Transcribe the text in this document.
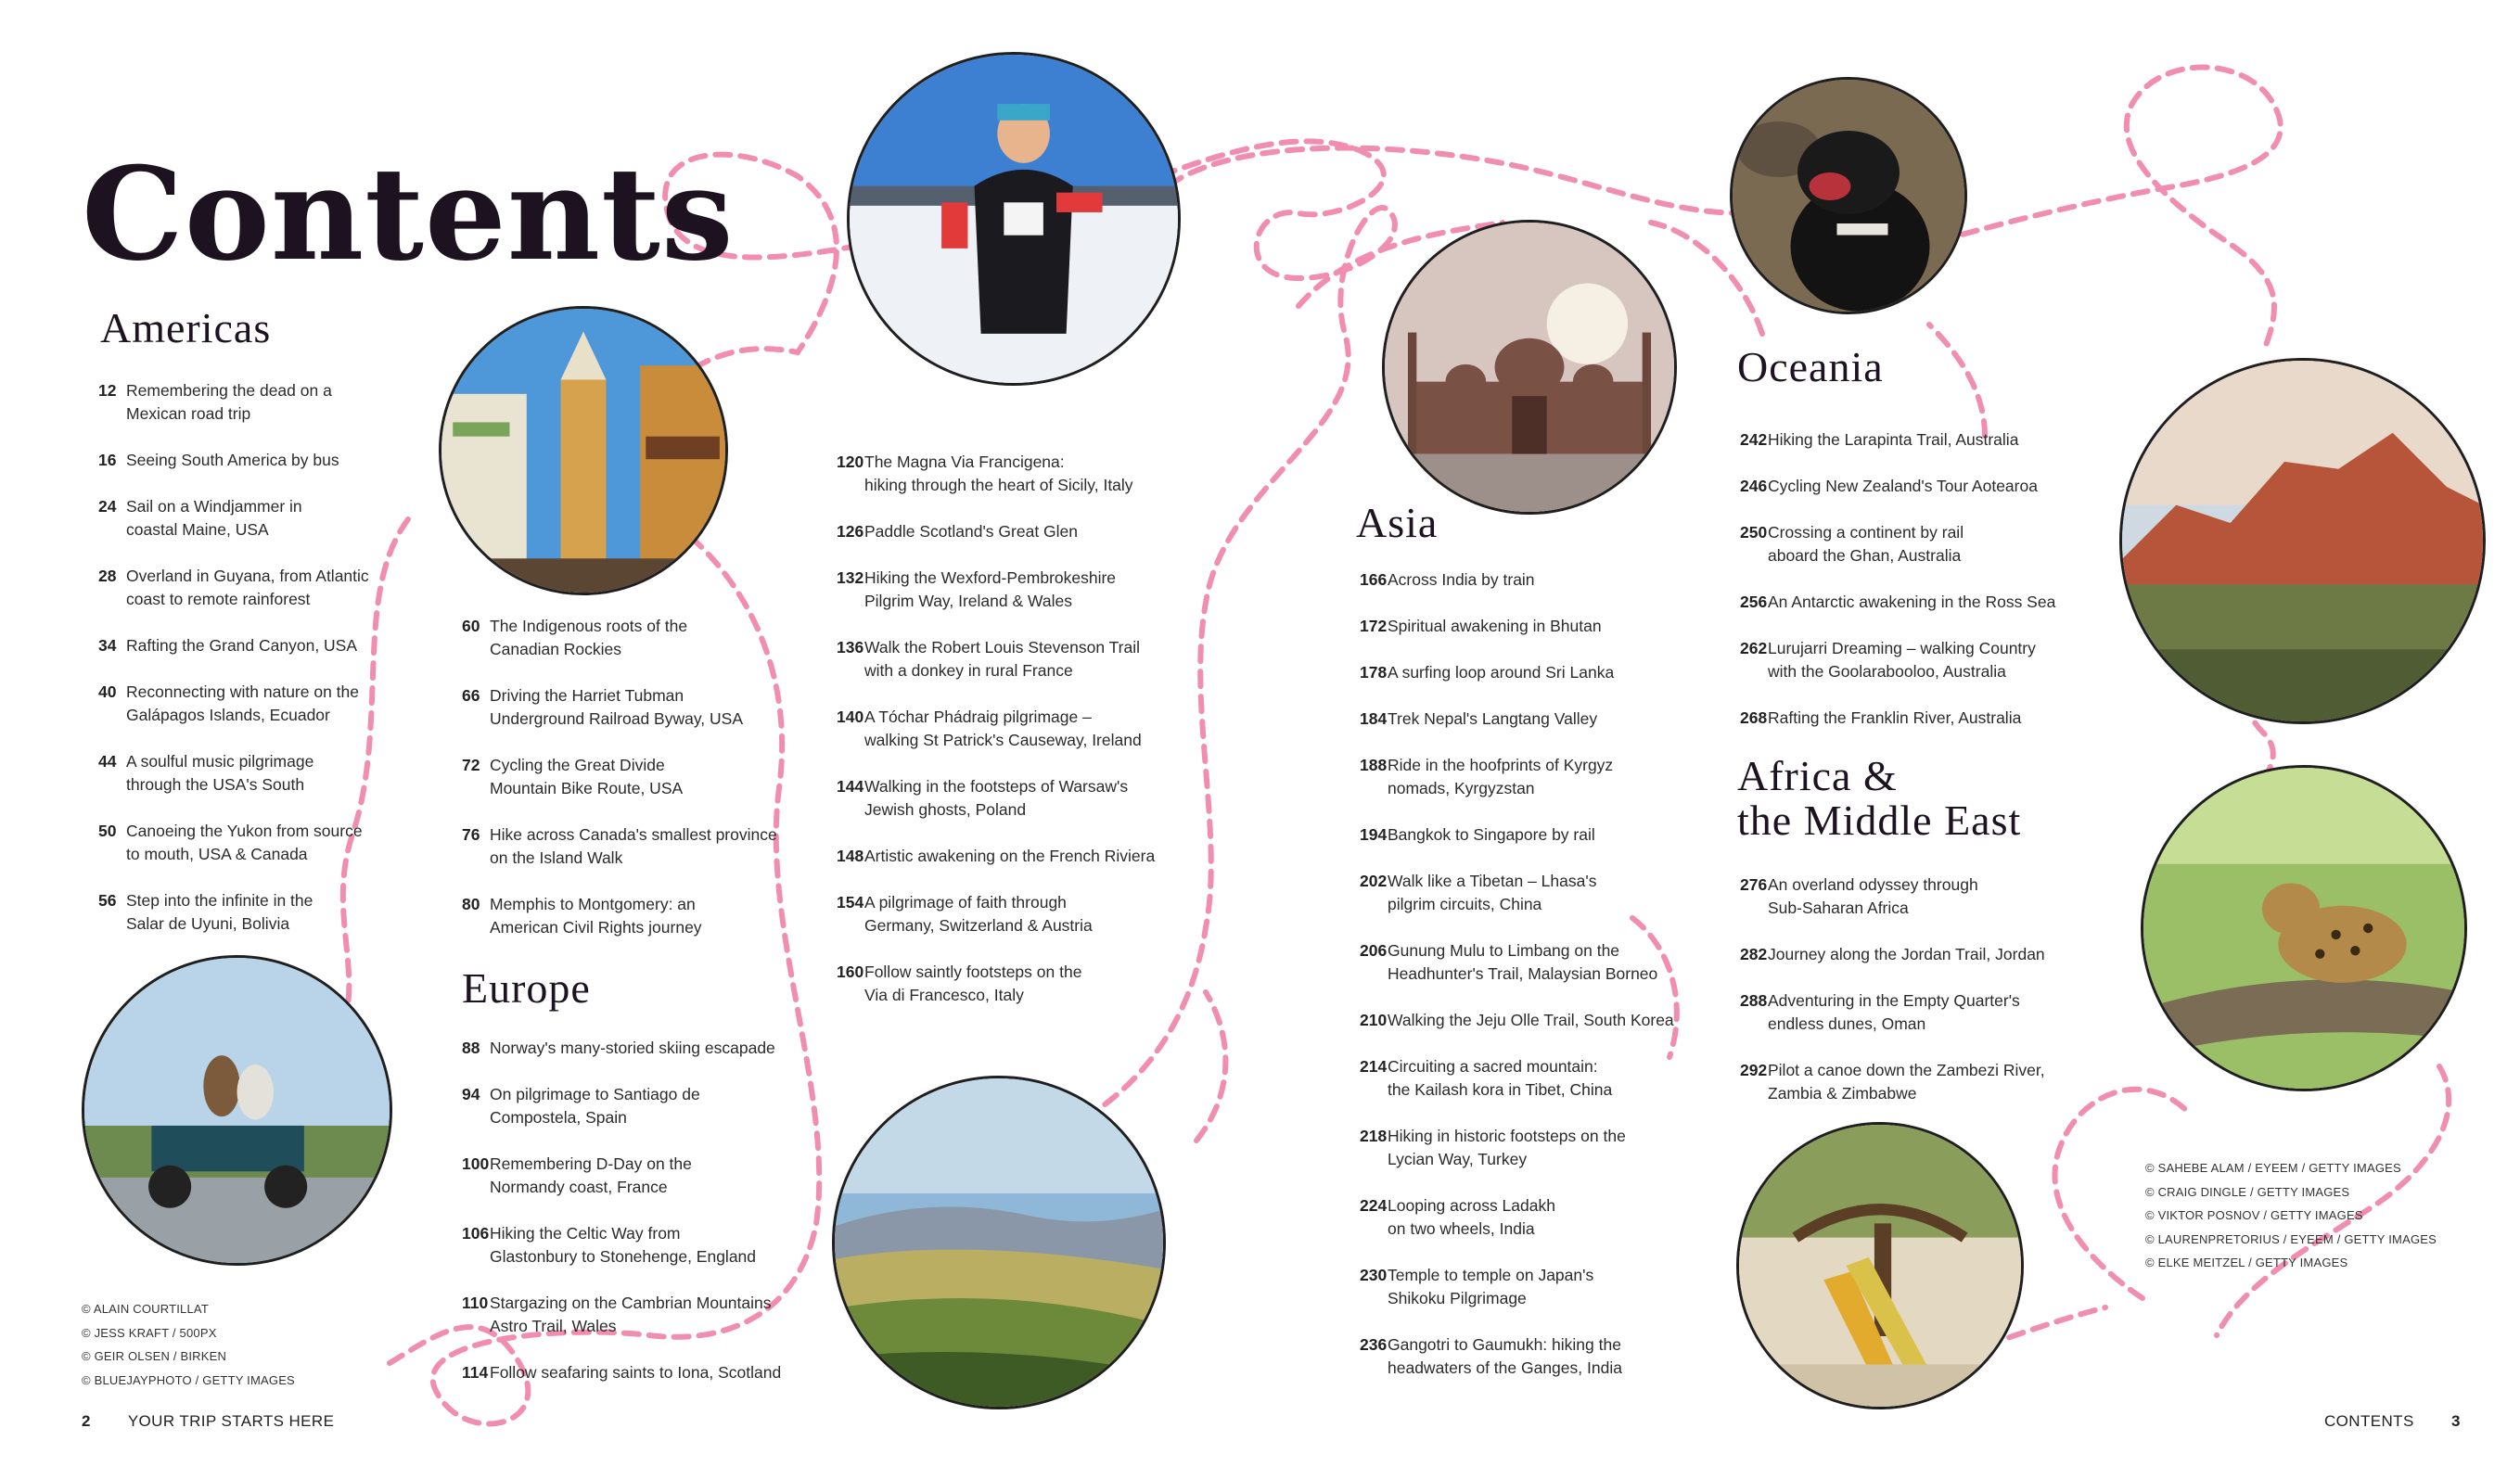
Contents
Americas
12 Remembering the dead on a
Mexican road trip
16 Seeing South America by bus
24 Sail on a Windjammer in
coastal Maine, USA
28 Overland in Guyana, from Atlantic
coast to remote rainforest
34 Rafting the Grand Canyon, USA
40 Reconnecting with nature on the
Galápagos Islands, Ecuador
44 A soulful music pilgrimage
through the USA's South
50 Canoeing the Yukon from source
to mouth, USA & Canada
56 Step into the infinite in the
Salar de Uyuni, Bolivia
60 The Indigenous roots of the
Canadian Rockies
66 Driving the Harriet Tubman
Underground Railroad Byway, USA
72 Cycling the Great Divide
Mountain Bike Route, USA
76 Hike across Canada's smallest province
on the Island Walk
80 Memphis to Montgomery: an
American Civil Rights journey
Europe
88 Norway's many-storied skiing escapade
94 On pilgrimage to Santiago de
Compostela, Spain
100 Remembering D-Day on the
Normandy coast, France
106 Hiking the Celtic Way from
Glastonbury to Stonehenge, England
110 Stargazing on the Cambrian Mountains
Astro Trail, Wales
114 Follow seafaring saints to Iona, Scotland
120 The Magna Via Francigena:
hiking through the heart of Sicily, Italy
126 Paddle Scotland's Great Glen
132 Hiking the Wexford-Pembrokeshire
Pilgrim Way, Ireland & Wales
136 Walk the Robert Louis Stevenson Trail
with a donkey in rural France
140 A Tóchar Phádraig pilgrimage –
walking St Patrick's Causeway, Ireland
144 Walking in the footsteps of Warsaw's
Jewish ghosts, Poland
148 Artistic awakening on the French Riviera
154 A pilgrimage of faith through
Germany, Switzerland & Austria
160 Follow saintly footsteps on the
Via di Francesco, Italy
Asia
166 Across India by train
172 Spiritual awakening in Bhutan
178 A surfing loop around Sri Lanka
184 Trek Nepal's Langtang Valley
188 Ride in the hoofprints of Kyrgyz
nomads, Kyrgyzstan
194 Bangkok to Singapore by rail
202 Walk like a Tibetan – Lhasa's
pilgrim circuits, China
206 Gunung Mulu to Limbang on the
Headhunter's Trail, Malaysian Borneo
210 Walking the Jeju Olle Trail, South Korea
214 Circuiting a sacred mountain:
the Kailash kora in Tibet, China
218 Hiking in historic footsteps on the
Lycian Way, Turkey
224 Looping across Ladakh
on two wheels, India
230 Temple to temple on Japan's
Shikoku Pilgrimage
236 Gangotri to Gaumukh: hiking the
headwaters of the Ganges, India
Oceania
242 Hiking the Larapinta Trail, Australia
246 Cycling New Zealand's Tour Aotearoa
250 Crossing a continent by rail
aboard the Ghan, Australia
256 An Antarctic awakening in the Ross Sea
262 Lurujarri Dreaming – walking Country
with the Goolarabooloo, Australia
268 Rafting the Franklin River, Australia
Africa &
the Middle East
276 An overland odyssey through
Sub-Saharan Africa
282 Journey along the Jordan Trail, Jordan
288 Adventuring in the Empty Quarter's
endless dunes, Oman
292 Pilot a canoe down the Zambezi River,
Zambia & Zimbabwe
© ALAIN COURTILLAT
© JESS KRAFT / 500PX
© GEIR OLSEN / BIRKEN
© BLUEJAYPHOTO / GETTY IMAGES
© SAHEBE ALAM / EYEEM / GETTY IMAGES
© CRAIG DINGLE / GETTY IMAGES
© VIKTOR POSNOV / GETTY IMAGES
© LAURENPRETORIUS / EYEEM / GETTY IMAGES
© ELKE MEITZEL / GETTY IMAGES
2 YOUR TRIP STARTS HERE	CONTENTS 3
